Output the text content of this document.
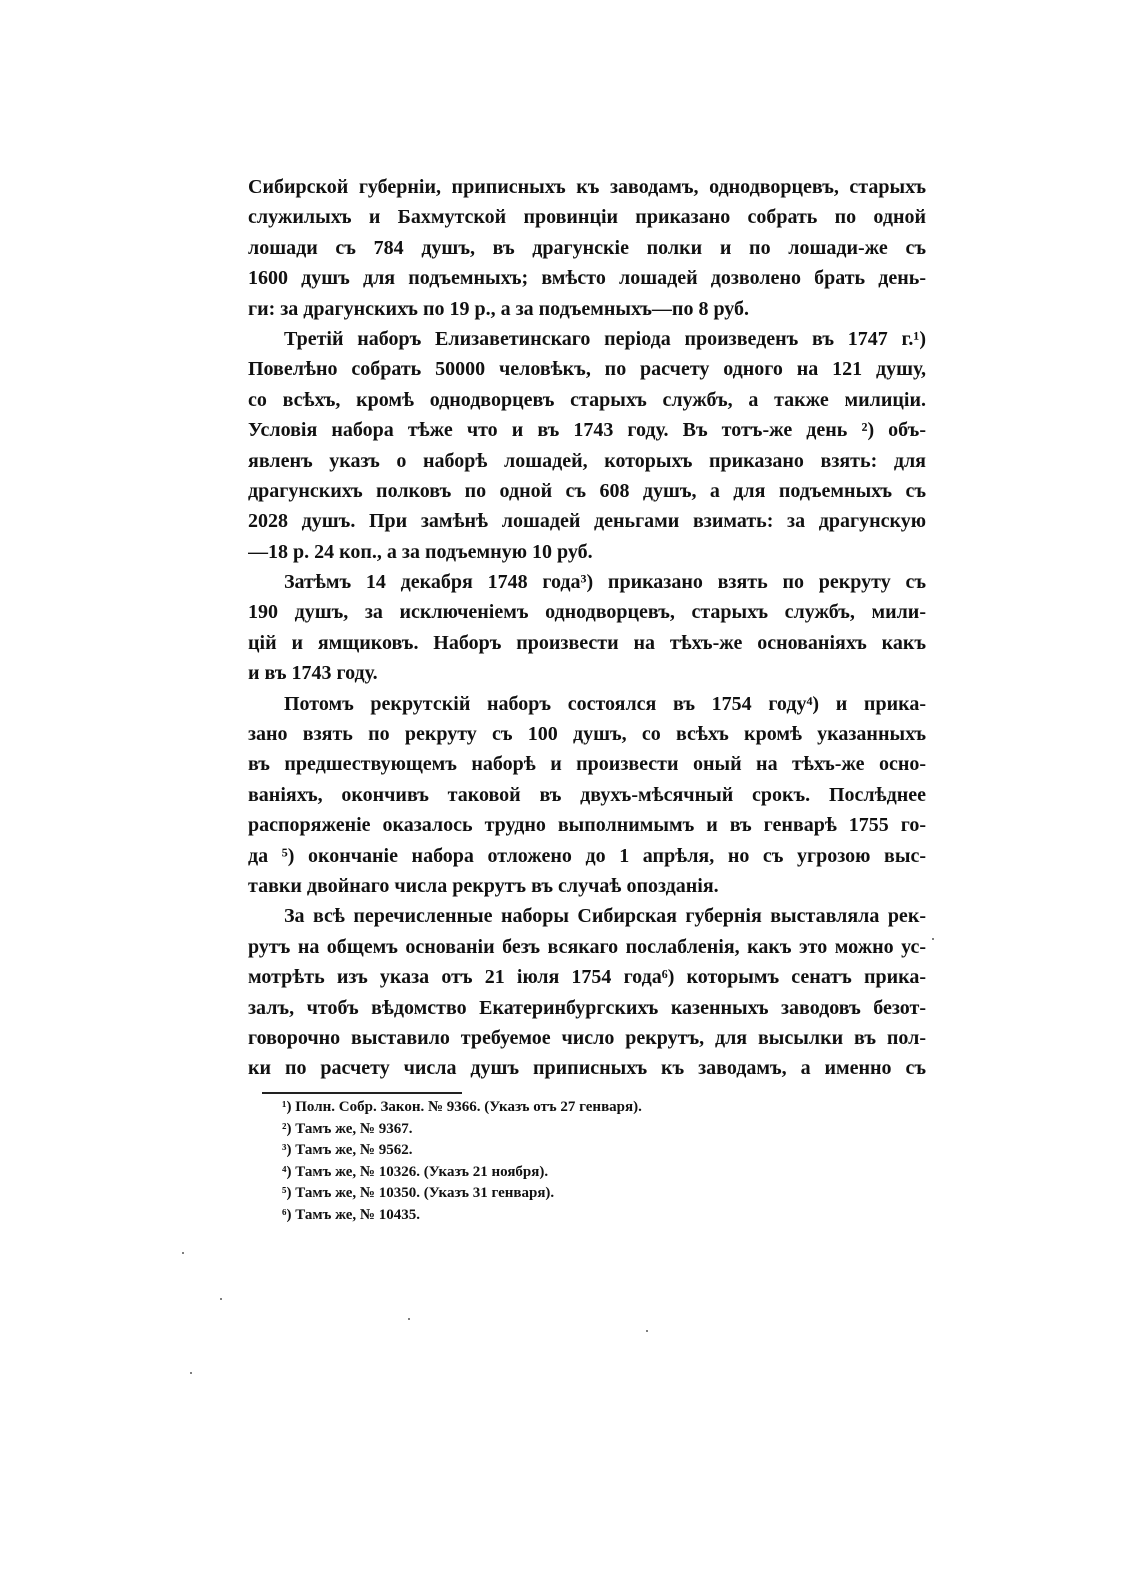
Сибирской губерніи, приписныхъ къ заводамъ, однодворцевъ, старыхъ
служилыхъ и Бахмутской провинціи приказано собрать по одной
лошади съ 784 душъ, въ драгунскіе полки и по лошади-же съ
1600 душъ для подъемныхъ; вмѣсто лошадей дозволено брать день-
ги: за драгунскихъ по 19 р., а за подъемныхъ—по 8 руб.
Третій наборъ Елизаветинскаго періода произведенъ въ 1747 г.¹)
Повелѣно собрать 50000 человѣкъ, по расчету одного на 121 душу,
со всѣхъ, кромѣ однодворцевъ старыхъ службъ, а также милиціи.
Условія набора тѣже что и въ 1743 году. Въ тотъ-же день ²) объ-
явленъ указъ о наборѣ лошадей, которыхъ приказано взять: для
драгунскихъ полковъ по одной съ 608 душъ, а для подъемныхъ съ
2028 душъ. При замѣнѣ лошадей деньгами взимать: за драгунскую
—18 р. 24 коп., а за подъемную 10 руб.
Затѣмъ 14 декабря 1748 года³) приказано взять по рекруту съ
190 душъ, за исключеніемъ однодворцевъ, старыхъ службъ, мили-
цій и ямщиковъ. Наборъ произвести на тѣхъ-же основаніяхъ какъ
и въ 1743 году.
Потомъ рекрутскій наборъ состоялся въ 1754 году⁴) и прика-
зано взять по рекруту съ 100 душъ, со всѣхъ кромѣ указанныхъ
въ предшествующемъ наборѣ и произвести оный на тѣхъ-же осно-
ваніяхъ, окончивъ таковой въ двухъ-мѣсячный срокъ. Послѣднее
распоряженіе оказалось трудно выполнимымъ и въ генварѣ 1755 го-
да ⁵) окончаніе набора отложено до 1 апрѣля, но съ угрозою выс-
тавки двойнаго числа рекрутъ въ случаѣ опозданія.
За всѣ перечисленные наборы Сибирская губернія выставляла рек-
рутъ на общемъ основаніи безъ всякаго послабленія, какъ это можно ус-
мотрѣть изъ указа отъ 21 іюля 1754 года⁶) которымъ сенатъ прика-
залъ, чтобъ вѣдомство Екатеринбургскихъ казенныхъ заводовъ безот-
говорочно выставило требуемое число рекрутъ, для высылки въ пол-
ки по расчету числа душъ приписныхъ къ заводамъ, а именно съ
¹) Полн. Собр. Закон. № 9366. (Указъ отъ 27 генваря).
²) Тамъ же, № 9367.
³) Тамъ же, № 9562.
⁴) Тамъ же, № 10326. (Указъ 21 ноября).
⁵) Тамъ же, № 10350. (Указъ 31 генваря).
⁶) Тамъ же, № 10435.
